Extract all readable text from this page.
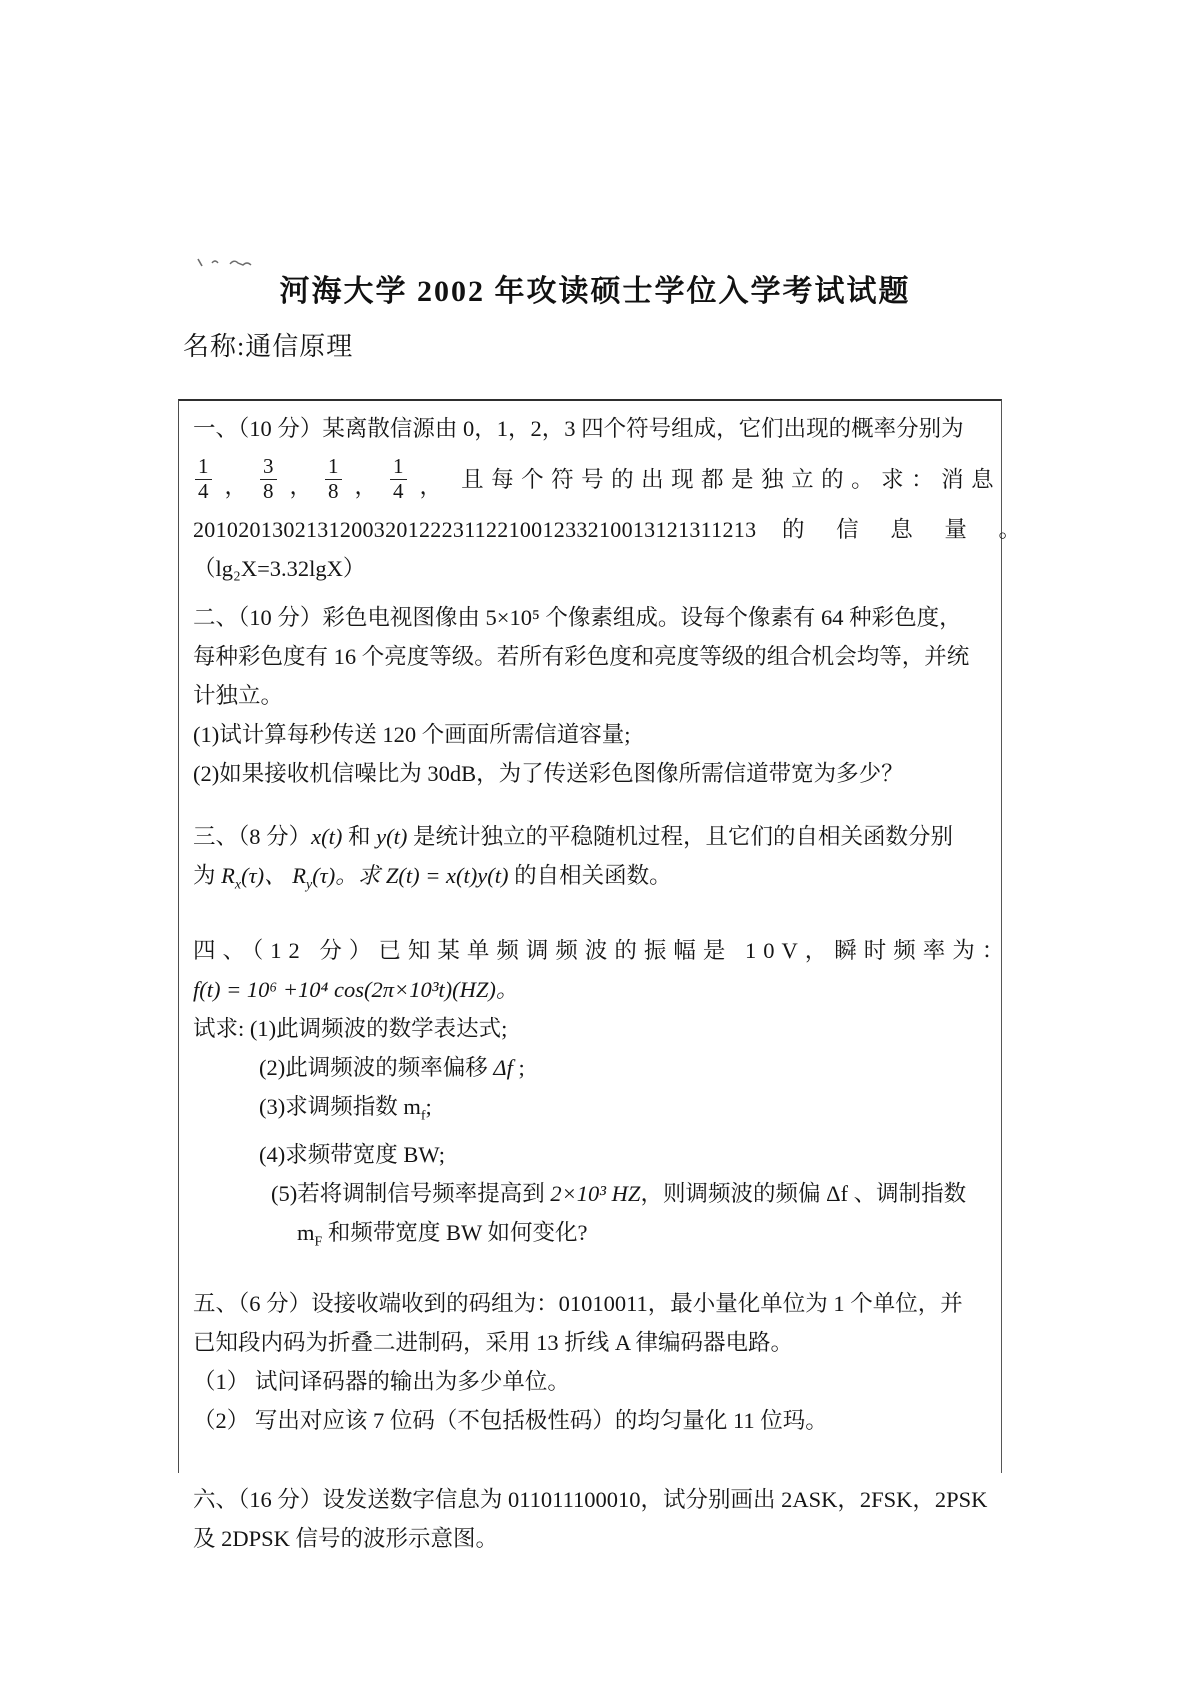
河海大学 2002 年攻读硕士学位入学考试试题
名称:通信原理
一、（10 分）某离散信源由 0，1，2，3 四个符号组成，它们出现的概率分别为
$\frac{1}{4}$ ， $\frac{3}{8}$ ， $\frac{1}{8}$ ， $\frac{1}{4}$ ， 且每个符号的出现都是独立的。求：消息
20102013021312003201222311221001233210013121311213 的 信 息 量 。
（lg₂X=3.32lgX）
二、（10 分）彩色电视图像由 5×10⁵ 个像素组成。设每个像素有 64 种彩色度，
每种彩色度有 16 个亮度等级。若所有彩色度和亮度等级的组合机会均等，并统
计独立。
(1)试计算每秒传送 120 个画面所需信道容量;
(2)如果接收机信噪比为 30dB，为了传送彩色图像所需信道带宽为多少？
三、（8 分）x(t) 和 y(t) 是统计独立的平稳随机过程，且它们的自相关函数分别
为 $R_x(\tau)$、 $R_y(\tau)$。求 Z(t) = x(t)y(t) 的自相关函数。
四、（12 分）已知某单频调频波的振幅是 10V，瞬时频率为：
f(t) = 10⁶ +10⁴ cos(2π×10³t)(HZ)。
试求: (1)此调频波的数学表达式;
(2)此调频波的频率偏移 Δf ;
(3)求调频指数 $m_f$;
(4)求频带宽度 BW;
(5)若将调制信号频率提高到 2×10³ HZ，则调频波的频偏 Δf 、调制指数
$m_F$ 和频带宽度 BW 如何变化?
五、（6 分）设接收端收到的码组为：01010011，最小量化单位为 1 个单位，并
已知段内码为折叠二进制码，采用 13 折线 A 律编码器电路。
（1） 试问译码器的输出为多少单位。
（2） 写出对应该 7 位码（不包括极性码）的均匀量化 11 位玛。
六、（16 分）设发送数字信息为 011011100010，试分别画出 2ASK，2FSK，2PSK
及 2DPSK 信号的波形示意图。
